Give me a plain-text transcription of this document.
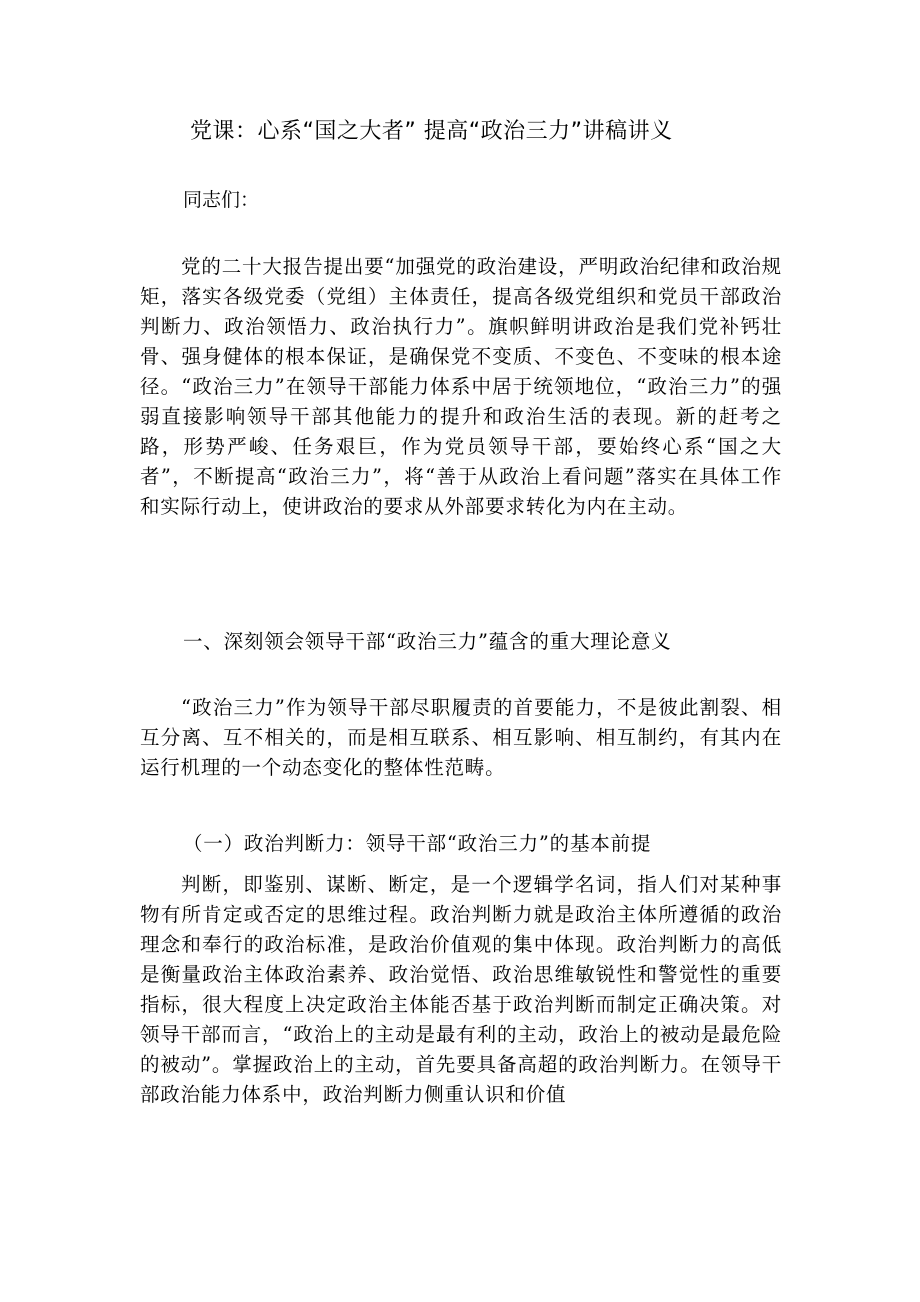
党课：心系“国之大者” 提高“政治三力”讲稿讲义
同志们：
党的二十大报告提出要“加强党的政治建设，严明政治纪律和政治规矩，落实各级党委（党组）主体责任，提高各级党组织和党员干部政治判断力、政治领悟力、政治执行力”。旗帜鲜明讲政治是我们党补钙壮骨、强身健体的根本保证，是确保党不变质、不变色、不变味的根本途径。“政治三力”在领导干部能力体系中居于统领地位，“政治三力”的强弱直接影响领导干部其他能力的提升和政治生活的表现。新的赶考之路，形势严峻、任务艰巨，作为党员领导干部，要始终心系“国之大者”，不断提高“政治三力”，将“善于从政治上看问题”落实在具体工作和实际行动上，使讲政治的要求从外部要求转化为内在主动。
一、深刻领会领导干部“政治三力”蕴含的重大理论意义
“政治三力”作为领导干部尽职履责的首要能力，不是彼此割裂、相互分离、互不相关的，而是相互联系、相互影响、相互制约，有其内在运行机理的一个动态变化的整体性范畴。
（一）政治判断力：领导干部“政治三力”的基本前提
判断，即鉴别、谋断、断定，是一个逻辑学名词，指人们对某种事物有所肯定或否定的思维过程。政治判断力就是政治主体所遵循的政治理念和奉行的政治标准，是政治价值观的集中体现。政治判断力的高低是衡量政治主体政治素养、政治觉悟、政治思维敏锐性和警觉性的重要指标，很大程度上决定政治主体能否基于政治判断而制定正确决策。对领导干部而言，“政治上的主动是最有利的主动，政治上的被动是最危险的被动”。掌握政治上的主动，首先要具备高超的政治判断力。在领导干部政治能力体系中，政治判断力侧重认识和价值
